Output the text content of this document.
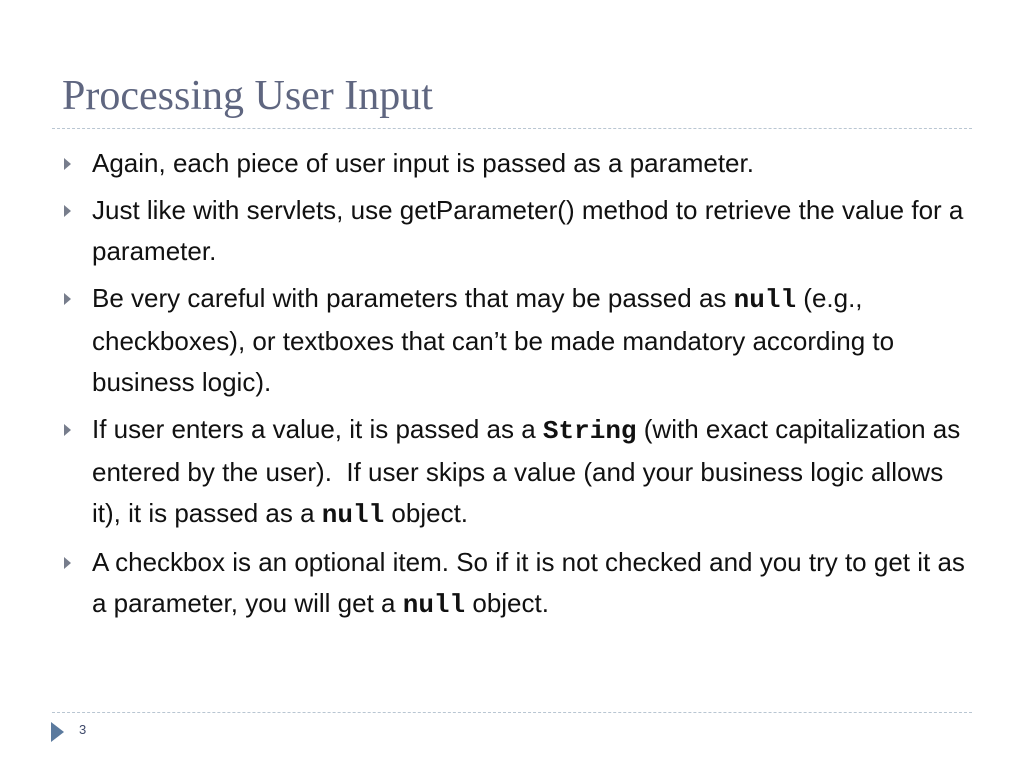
Processing User Input
Again, each piece of user input is passed as a parameter.
Just like with servlets, use getParameter() method to retrieve the value for a parameter.
Be very careful with parameters that may be passed as null (e.g., checkboxes), or textboxes that can’t be made mandatory according to business logic).
If user enters a value, it is passed as a String (with exact capitalization as entered by the user).  If user skips a value (and your business logic allows it), it is passed as a null object.
A checkbox is an optional item. So if it is not checked and you try to get it as a parameter, you will get a null object.
3
